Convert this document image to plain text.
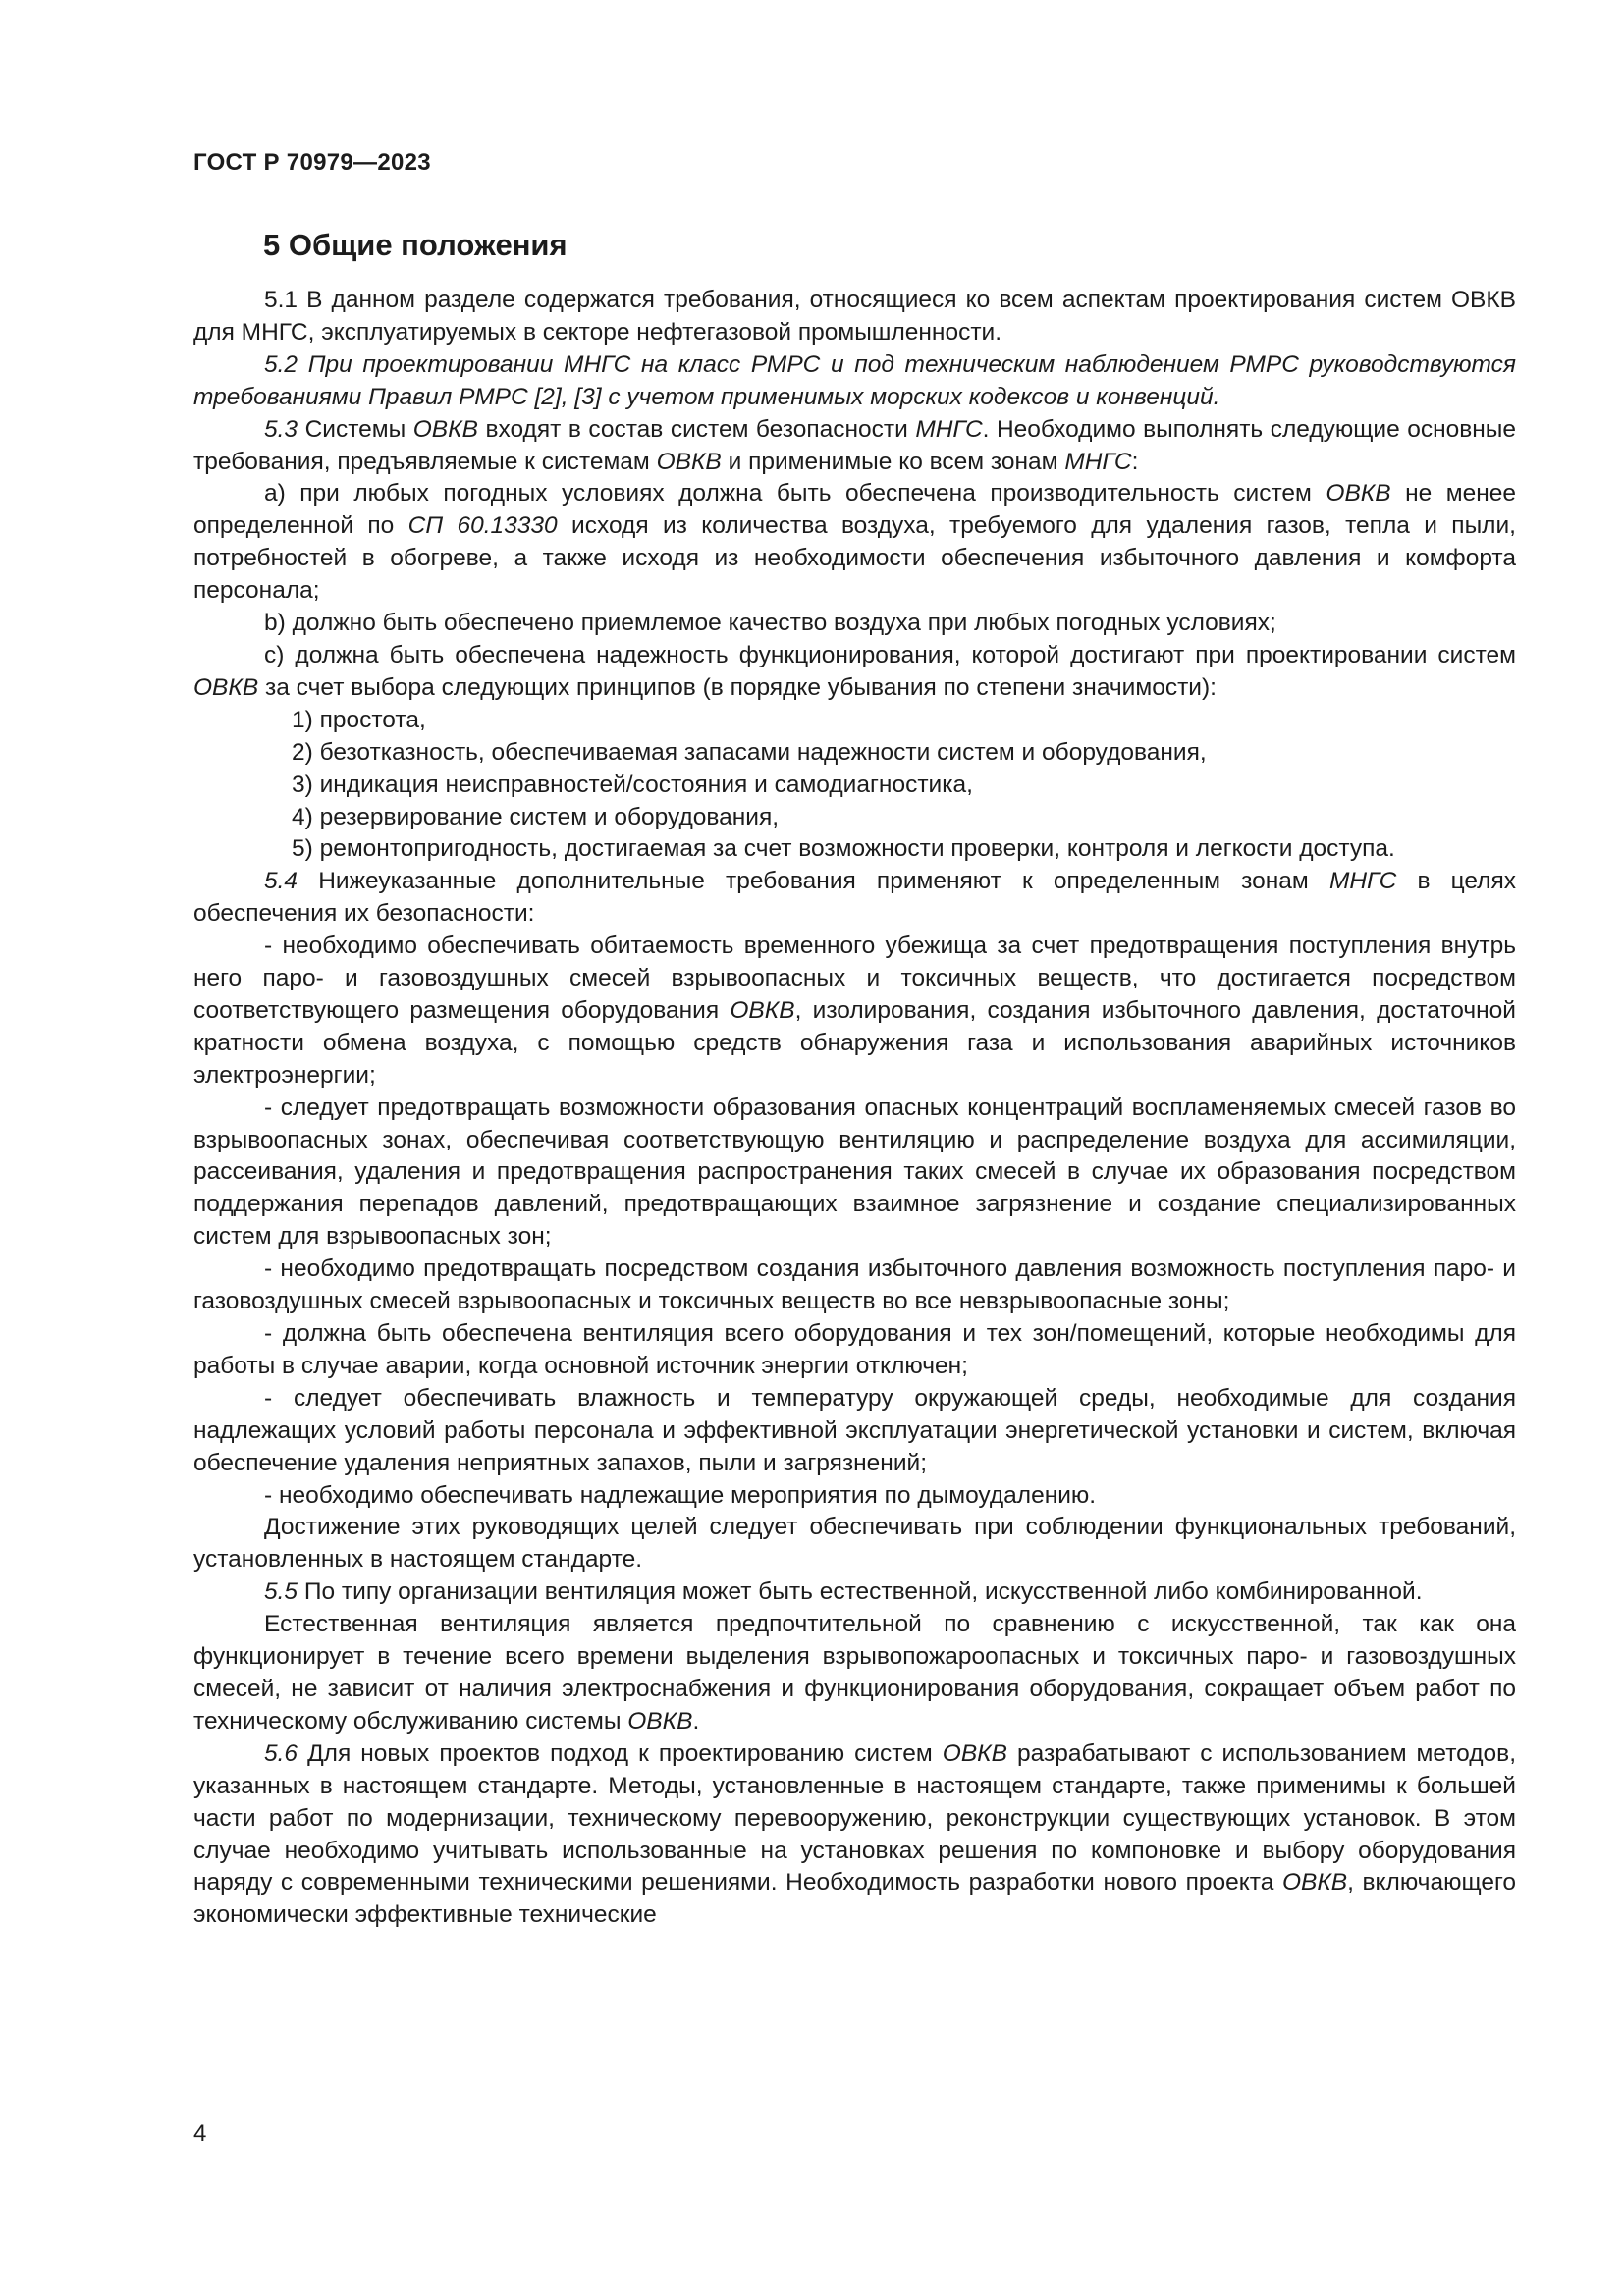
ГОСТ Р 70979—2023
5 Общие положения

5.1 В данном разделе содержатся требования, относящиеся ко всем аспектам проектирования систем ОВКВ для МНГС, эксплуатируемых в секторе нефтегазовой промышленности.

5.2 При проектировании МНГС на класс РМРС и под техническим наблюдением РМРС руководствуются требованиями Правил РМРС [2], [3] с учетом применимых морских кодексов и конвенций.

5.3 Системы ОВКВ входят в состав систем безопасности МНГС. Необходимо выполнять следующие основные требования, предъявляемые к системам ОВКВ и применимые ко всем зонам МНГС:

a) при любых погодных условиях должна быть обеспечена производительность систем ОВКВ не менее определенной по СП 60.13330 исходя из количества воздуха, требуемого для удаления газов, тепла и пыли, потребностей в обогреве, а также исходя из необходимости обеспечения избыточного давления и комфорта персонала;

b) должно быть обеспечено приемлемое качество воздуха при любых погодных условиях;

c) должна быть обеспечена надежность функционирования, которой достигают при проектировании систем ОВКВ за счет выбора следующих принципов (в порядке убывания по степени значимости):

1) простота,

2) безотказность, обеспечиваемая запасами надежности систем и оборудования,

3) индикация неисправностей/состояния и самодиагностика,

4) резервирование систем и оборудования,

5) ремонтопригодность, достигаемая за счет возможности проверки, контроля и легкости доступа.

5.4 Нижеуказанные дополнительные требования применяют к определенным зонам МНГС в целях обеспечения их безопасности:

- необходимо обеспечивать обитаемость временного убежища за счет предотвращения поступления внутрь него паро- и газовоздушных смесей взрывоопасных и токсичных веществ, что достигается посредством соответствующего размещения оборудования ОВКВ, изолирования, создания избыточного давления, достаточной кратности обмена воздуха, с помощью средств обнаружения газа и использования аварийных источников электроэнергии;

- следует предотвращать возможности образования опасных концентраций воспламеняемых смесей газов во взрывоопасных зонах, обеспечивая соответствующую вентиляцию и распределение воздуха для ассимиляции, рассеивания, удаления и предотвращения распространения таких смесей в случае их образования посредством поддержания перепадов давлений, предотвращающих взаимное загрязнение и создание специализированных систем для взрывоопасных зон;

- необходимо предотвращать посредством создания избыточного давления возможность поступления паро- и газовоздушных смесей взрывоопасных и токсичных веществ во все невзрывоопасные зоны;

- должна быть обеспечена вентиляция всего оборудования и тех зон/помещений, которые необходимы для работы в случае аварии, когда основной источник энергии отключен;

- следует обеспечивать влажность и температуру окружающей среды, необходимые для создания надлежащих условий работы персонала и эффективной эксплуатации энергетической установки и систем, включая обеспечение удаления неприятных запахов, пыли и загрязнений;

- необходимо обеспечивать надлежащие мероприятия по дымоудалению.

Достижение этих руководящих целей следует обеспечивать при соблюдении функциональных требований, установленных в настоящем стандарте.

5.5 По типу организации вентиляция может быть естественной, искусственной либо комбинированной.

Естественная вентиляция является предпочтительной по сравнению с искусственной, так как она функционирует в течение всего времени выделения взрывопожароопасных и токсичных паро- и газовоздушных смесей, не зависит от наличия электроснабжения и функционирования оборудования, сокращает объем работ по техническому обслуживанию системы ОВКВ.

5.6 Для новых проектов подход к проектированию систем ОВКВ разрабатывают с использованием методов, указанных в настоящем стандарте. Методы, установленные в настоящем стандарте, также применимы к большей части работ по модернизации, техническому перевооружению, реконструкции существующих установок. В этом случае необходимо учитывать использованные на установках решения по компоновке и выбору оборудования наряду с современными техническими решениями. Необходимость разработки нового проекта ОВКВ, включающего экономически эффективные технические

4
